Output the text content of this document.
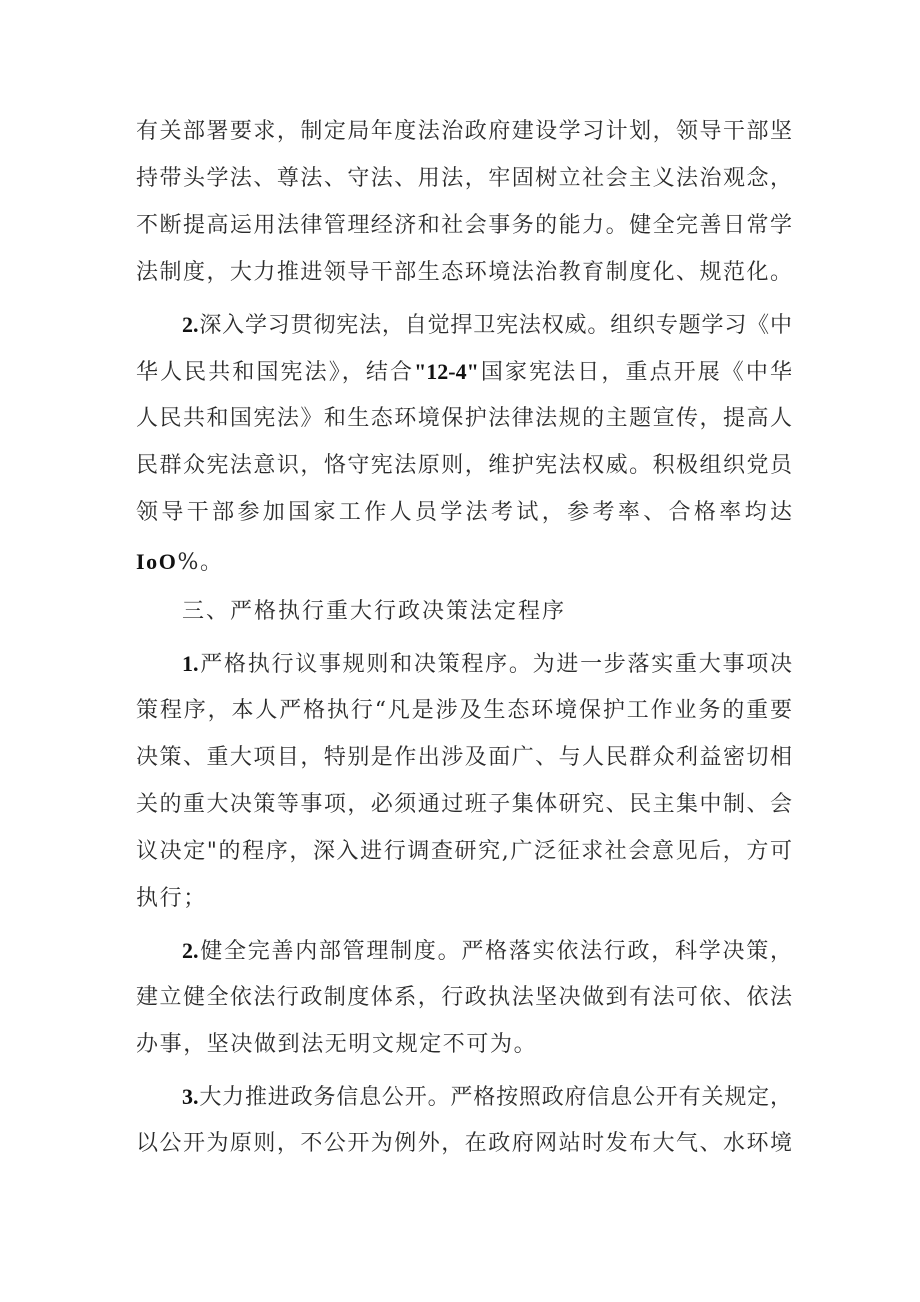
有关部署要求，制定局年度法治政府建设学习计划，领导干部坚
持带头学法、尊法、守法、用法，牢固树立社会主义法治观念，
不断提高运用法律管理经济和社会事务的能力。健全完善日常学
法制度，大力推进领导干部生态环境法治教育制度化、规范化。
2.深入学习贯彻宪法，自觉捍卫宪法权威。组织专题学习《中
华人民共和国宪法》，结合"12-4"国家宪法日，重点开展《中华
人民共和国宪法》和生态环境保护法律法规的主题宣传，提高人
民群众宪法意识，恪守宪法原则，维护宪法权威。积极组织党员
领导干部参加国家工作人员学法考试，参考率、合格率均达
IoO%。
三、严格执行重大行政决策法定程序
1.严格执行议事规则和决策程序。为进一步落实重大事项决
策程序，本人严格执行“凡是涉及生态环境保护工作业务的重要
决策、重大项目，特别是作出涉及面广、与人民群众利益密切相
关的重大决策等事项，必须通过班子集体研究、民主集中制、会
议决定"的程序，深入进行调查研究,广泛征求社会意见后，方可
执行；
2.健全完善内部管理制度。严格落实依法行政，科学决策，
建立健全依法行政制度体系，行政执法坚决做到有法可依、依法
办事，坚决做到法无明文规定不可为。
3.大力推进政务信息公开。严格按照政府信息公开有关规定，
以公开为原则，不公开为例外，在政府网站时发布大气、水环境
